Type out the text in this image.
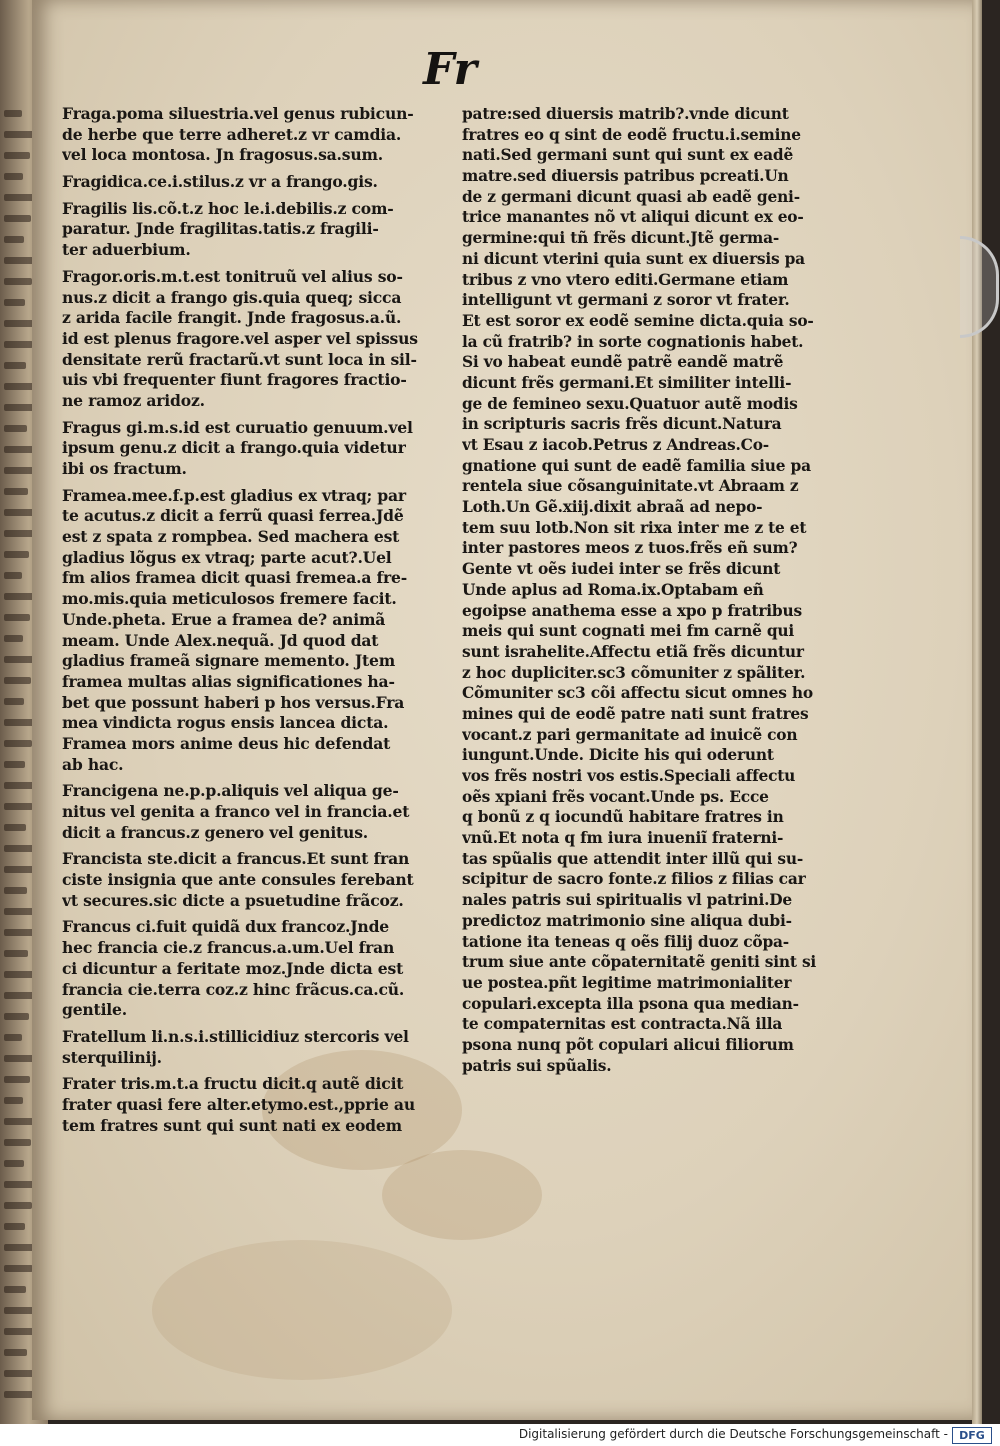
Fr
Fraga.poma siluestria.vel genus rubicun-
de herbe que terre adheret.z vr camdia.
vel loca montosa. Jn fragosus.sa.sum.
Fragidica.ce.i.stilus.z vr a frango.gis.
Fragilis lis.cõ.t.z hoc le.i.debilis.z com-
paratur. Jnde fragilitas.tatis.z fragili-
ter aduerbium.
Fragor.oris.m.t.est tonitruũ vel alius so-
nus.z dicit a frango gis.quia queq; sicca
z arida facile frangit. Jnde fragosus.a.ũ.
id est plenus fragore.vel asper vel spissus
densitate rerũ fractarũ.vt sunt loca in sil-
uis vbi frequenter fiunt fragores fractio-
ne ramoz aridoz.
Fragus gi.m.s.id est curuatio genuum.vel
ipsum genu.z dicit a frango.quia videtur
ibi os fractum.
Framea.mee.f.p.est gladius ex vtraq; par
te acutus.z dicit a ferrũ quasi ferrea.Jdẽ
est z spata z rompbea. Sed machera est
gladius lõgus ex vtraq; parte acut?.Uel
fm alios framea dicit quasi fremea.a fre-
mo.mis.quia meticulosos fremere facit.
Unde.pheta. Erue a framea de? animã
meam. Unde Alex.nequã. Jd quod dat
gladius frameã signare memento. Jtem
framea multas alias significationes ha-
bet que possunt haberi p hos versus.Fra
mea vindicta rogus ensis lancea dicta.
Framea mors anime deus hic defendat
ab hac.
Francigena ne.p.p.aliquis vel aliqua ge-
nitus vel genita a franco vel in francia.et
dicit a francus.z genero vel genitus.
Francista ste.dicit a francus.Et sunt fran
ciste insignia que ante consules ferebant
vt secures.sic dicte a psuetudine frãcoz.
Francus ci.fuit quidã dux francoz.Jnde
hec francia cie.z francus.a.um.Uel fran
ci dicuntur a feritate moz.Jnde dicta est
francia cie.terra coz.z hinc frãcus.ca.cũ.
gentile.
Fratellum li.n.s.i.stillicidiuz stercoris vel
sterquilinij.
Frater tris.m.t.a fructu dicit.q autẽ dicit
frater quasi fere alter.etymo.est.,pprie au
tem fratres sunt qui sunt nati ex eodem
patre:sed diuersis matrib?.vnde dicunt
fratres eo q sint de eodẽ fructu.i.semine
nati.Sed germani sunt qui sunt ex eadẽ
matre.sed diuersis patribus pcreati.Un
de z germani dicunt quasi ab eadẽ geni-
trice manantes nõ vt aliqui dicunt ex eo-
germine:qui tñ frẽs dicunt.Jtẽ germa-
ni dicunt vterini quia sunt ex diuersis pa
tribus z vno vtero editi.Germane etiam
intelligunt vt germani z soror vt frater.
Et est soror ex eodẽ semine dicta.quia so-
la cũ fratrib? in sorte cognationis habet.
Si vo habeat eundẽ patrẽ eandẽ matrẽ
dicunt frẽs germani.Et similiter intelli-
ge de femineo sexu.Quatuor autẽ modis
in scripturis sacris frẽs dicunt.Natura
vt Esau z iacob.Petrus z Andreas.Co-
gnatione qui sunt de eadẽ familia siue pa
rentela siue cõsanguinitate.vt Abraam z
Loth.Un Gẽ.xiij.dixit abraã ad nepo-
tem suu lotb.Non sit rixa inter me z te et
inter pastores meos z tuos.frẽs eñ sum?
Gente vt oẽs iudei inter se frẽs dicunt
Unde aplus ad Roma.ix.Optabam eñ
egoipse anathema esse a xpo p fratribus
meis qui sunt cognati mei fm carnẽ qui
sunt israhelite.Affectu etiã frẽs dicuntur
z hoc dupliciter.sc3 cõmuniter z spãliter.
Cõmuniter sc3 cõi affectu sicut omnes ho
mines qui de eodẽ patre nati sunt fratres
vocant.z pari germanitate ad inuicẽ con
iungunt.Unde. Dicite his qui oderunt
vos frẽs nostri vos estis.Speciali affectu
oẽs xpiani frẽs vocant.Unde ps. Ecce
q bonũ z q iocundũ habitare fratres in
vnũ.Et nota q fm iura inueniĩ fraterni-
tas spũalis que attendit inter illũ qui su-
scipitur de sacro fonte.z filios z filias car
nales patris sui spiritualis vl patrini.De
predictoz matrimonio sine aliqua dubi-
tatione ita teneas q oẽs filij duoz cõpa-
trum siue ante cõpaternitatẽ geniti sint si
ue postea.pñt legitime matrimonialiter
copulari.excepta illa psona qua median-
te compaternitas est contracta.Nã illa
psona nunq põt copulari alicui filiorum
patris sui spũalis.
Digitalisierung gefördert durch die Deutsche Forschungsgemeinschaft -	DFG
